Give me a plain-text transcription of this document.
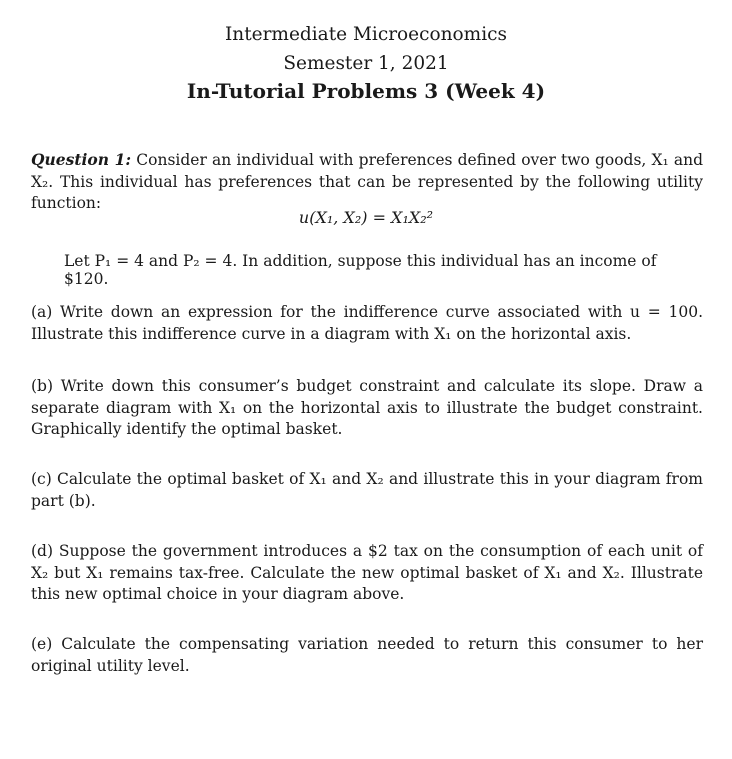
Intermediate Microeconomics
Semester 1, 2021
In-Tutorial Problems 3 (Week 4)
Question 1: Consider an individual with preferences defined over two goods, X₁ and X₂. This individual has preferences that can be represented by the following utility function:
u(X₁, X₂) = X₁X₂²
Let P₁ = 4 and P₂ = 4. In addition, suppose this individual has an income of $120.
(a) Write down an expression for the indifference curve associated with u = 100. Illustrate this indifference curve in a diagram with X₁ on the horizontal axis.
(b) Write down this consumer’s budget constraint and calculate its slope. Draw a separate diagram with X₁ on the horizontal axis to illustrate the budget constraint. Graphically identify the optimal basket.
(c) Calculate the optimal basket of X₁ and X₂ and illustrate this in your diagram from part (b).
(d) Suppose the government introduces a $2 tax on the consumption of each unit of X₂ but X₁ remains tax-free. Calculate the new optimal basket of X₁ and X₂. Illustrate this new optimal choice in your diagram above.
(e) Calculate the compensating variation needed to return this consumer to her original utility level.
